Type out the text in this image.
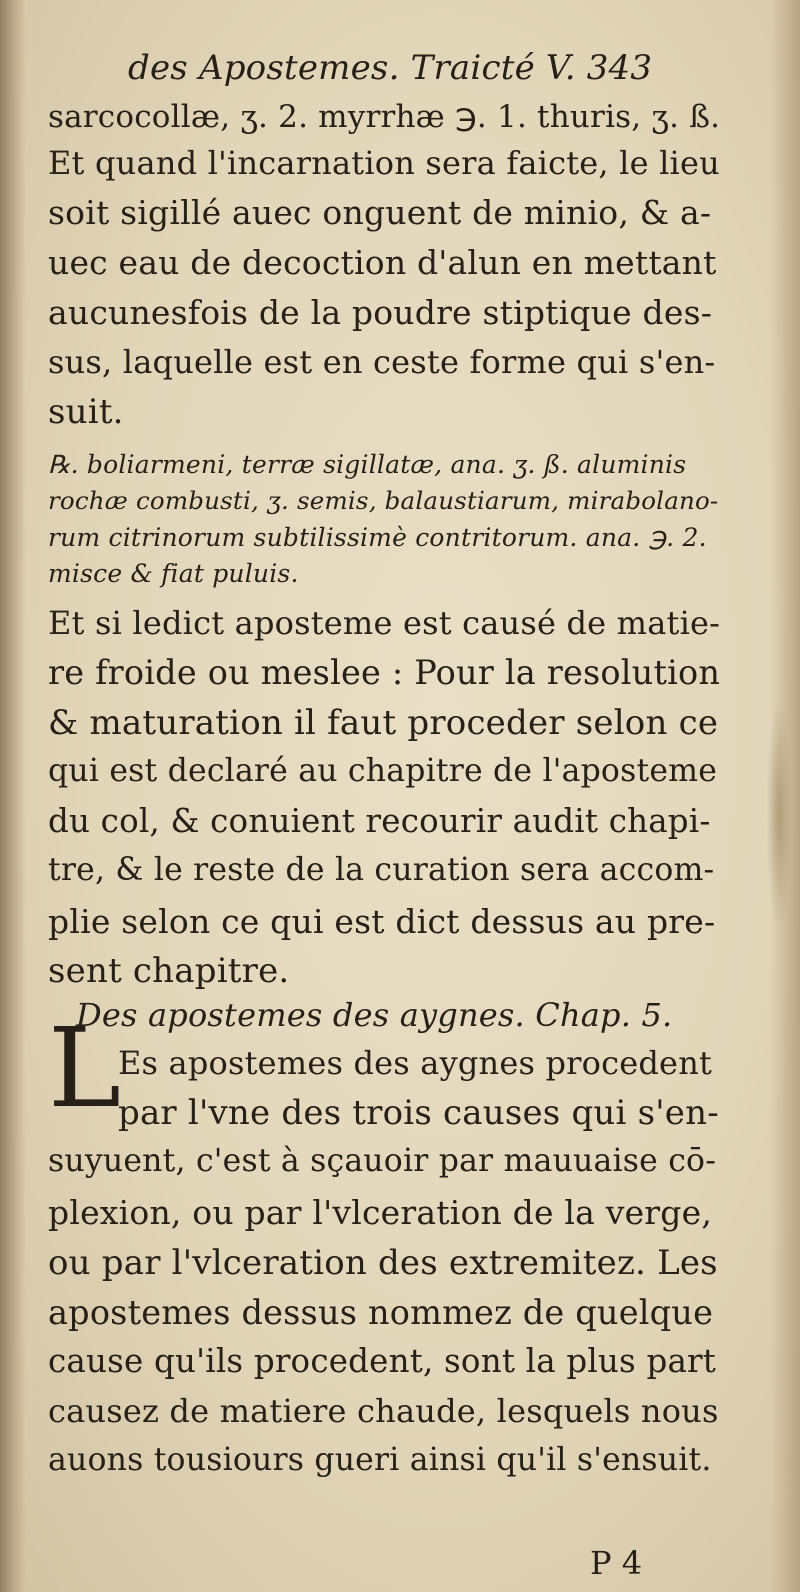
des Apostemes. Traicté V. 343
sarcocollæ, ʒ. 2. myrrhæ ℈. 1. thuris, ʒ. ß.
Et quand l'incarnation sera faicte, le lieu
soit sigillé auec onguent de minio, & a-
uec eau de decoction d'alun en mettant
aucunesfois de la poudre stiptique des-
sus, laquelle est en ceste forme qui s'en-
suit.
℞. boliarmeni, terræ sigillatæ, ana. ʒ. ß. aluminis
rochæ combusti, ʒ. semis, balaustiarum, mirabolano-
rum citrinorum subtilissimè contritorum. ana. ℈. 2.
misce & fiat puluis.
Et si ledict aposteme est causé de matie-
re froide ou meslee : Pour la resolution
& maturation il faut proceder selon ce
qui est declaré au chapitre de l'aposteme
du col, & conuient recourir audit chapi-
tre, & le reste de la curation sera accom-
plie selon ce qui est dict dessus au pre-
sent chapitre.
Des apostemes des aygnes. Chap. 5.
L
Es apostemes des aygnes procedent
par l'vne des trois causes qui s'en-
suyuent, c'est à sçauoir par mauuaise cō-
plexion, ou par l'vlceration de la verge,
ou par l'vlceration des extremitez. Les
apostemes dessus nommez de quelque
cause qu'ils procedent, sont la plus part
causez de matiere chaude, lesquels nous
auons tousiours gueri ainsi qu'il s'ensuit.
P 4
